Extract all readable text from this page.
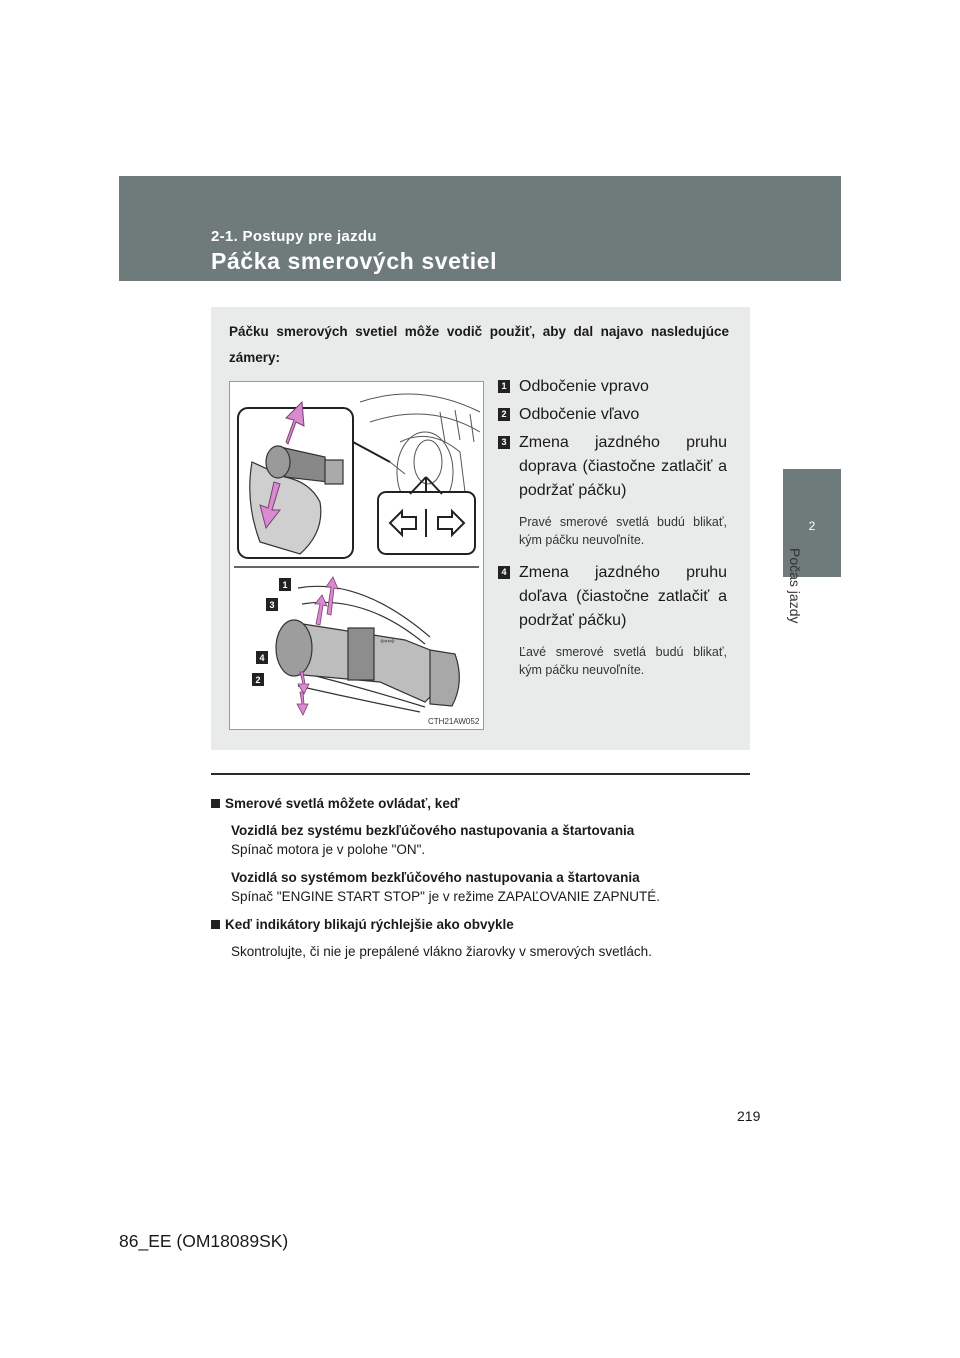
2-1. Postupy pre jazdu
Páčka smerových svetiel
2
Počas jazdy
Páčku smerových svetiel môže vodič použiť, aby dal najavo nasledujúce zámery:
⇦⇨
1
3
4
2
CTH21AW052
1 Odbočenie vpravo
2 Odbočenie vľavo
3 Zmena jazdného pruhu doprava (čiastočne zatlačiť a podržať páčku)
Pravé smerové svetlá budú blikať, kým páčku neuvoľníte.
4 Zmena jazdného pruhu doľava (čiastočne zatlačiť a podržať páčku)
Ľavé smerové svetlá budú blikať, kým páčku neuvoľníte.
Smerové svetlá môžete ovládať, keď
Vozidlá bez systému bezkľúčového nastupovania a štartovania
Spínač motora je v polohe "ON".
Vozidlá so systémom bezkľúčového nastupovania a štartovania
Spínač "ENGINE START STOP" je v režime ZAPAĽOVANIE ZAPNUTÉ.
Keď indikátory blikajú rýchlejšie ako obvykle
Skontrolujte, či nie je prepálené vlákno žiarovky v smerových svetlách.
219
86_EE (OM18089SK)
